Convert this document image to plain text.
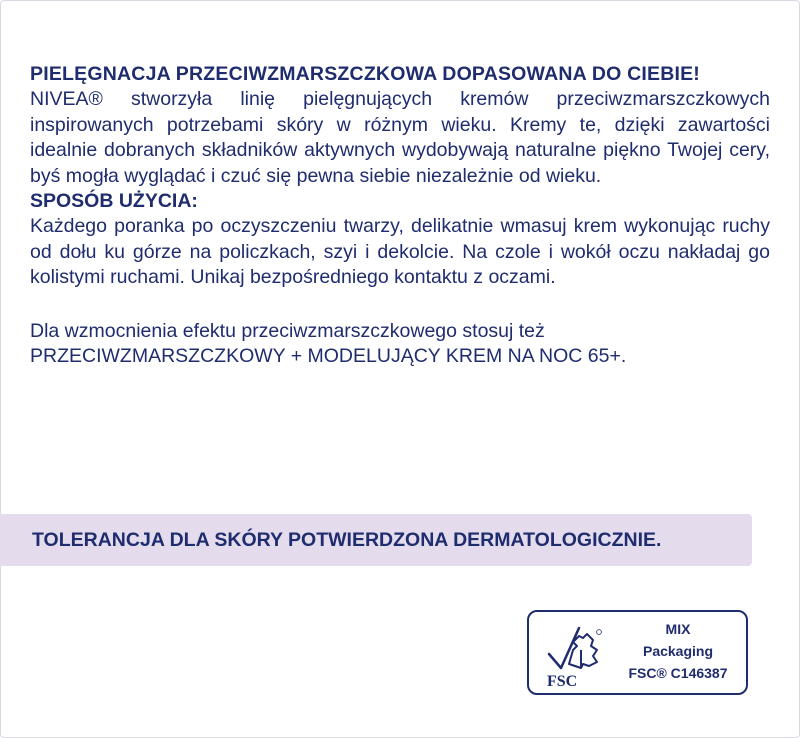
PIELĘGNACJA PRZECIWZMARSZCZKOWA DOPASOWANA DO CIEBIE!
NIVEA® stworzyła linię pielęgnujących kremów przeciwzmarszczkowych inspirowanych potrzebami skóry w różnym wieku. Kremy te, dzięki zawartości idealnie dobranych składników aktywnych wydobywają naturalne piękno Twojej cery, byś mogła wyglądać i czuć się pewna siebie niezależnie od wieku.
SPOSÓB UŻYCIA:
Każdego poranka po oczyszczeniu twarzy, delikatnie wmasuj krem wykonując ruchy od dołu ku górze na policzkach, szyi i dekolcie. Na czole i wokół oczu nakładaj go kolistymi ruchami. Unikaj bezpośredniego kontaktu z oczami.
Dla wzmocnienia efektu przeciwzmarszczkowego stosuj też
PRZECIWZMARSZCZKOWY + MODELUJĄCY KREM NA NOC 65+.
TOLERANCJA DLA SKÓRY POTWIERDZONA DERMATOLOGICZNIE.
FSC
MIX
Packaging
FSC® C146387
